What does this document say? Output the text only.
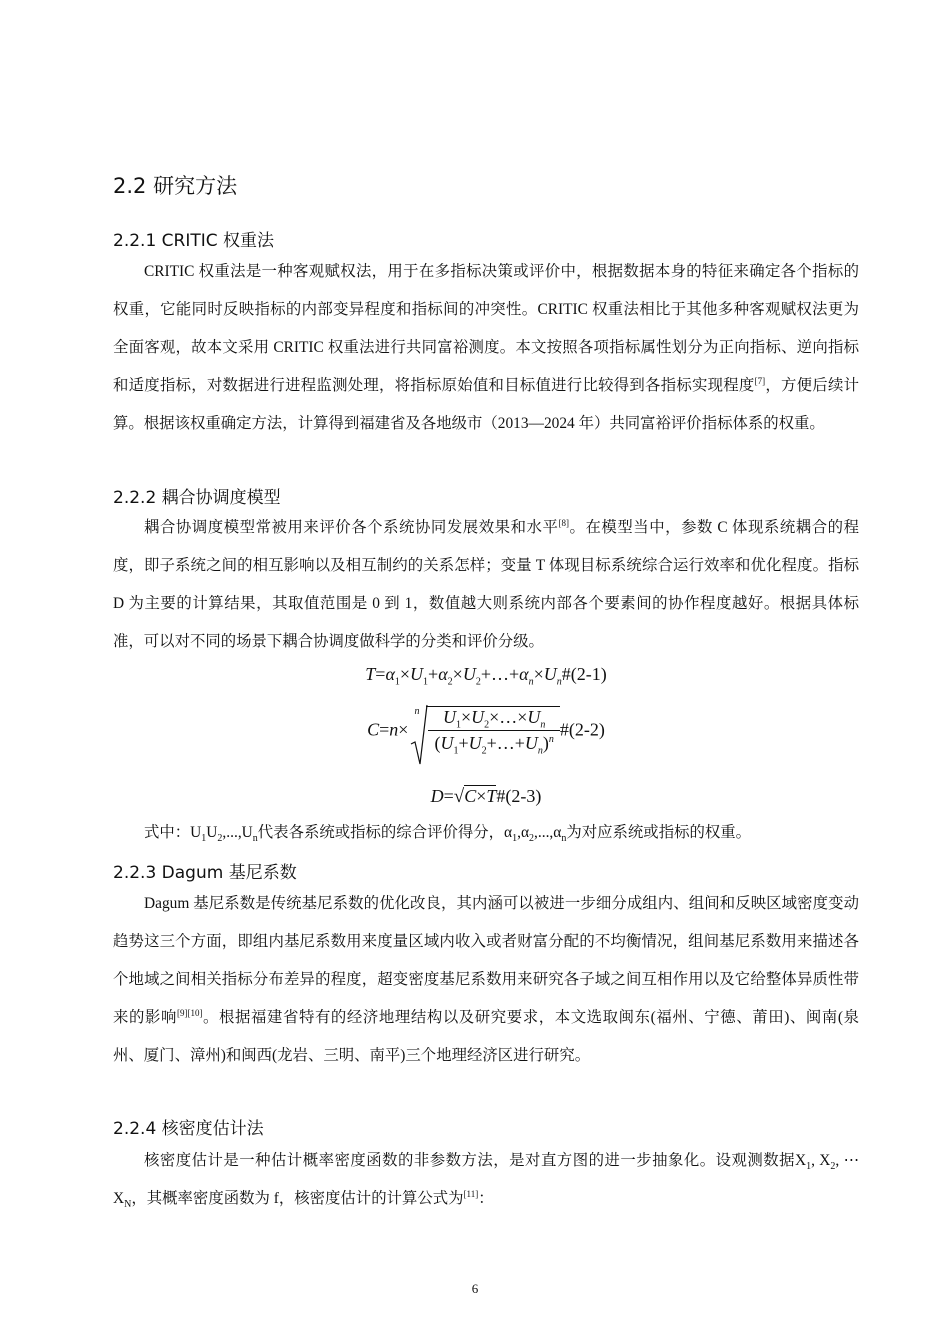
2.2 研究方法
2.2.1 CRITIC 权重法

CRITIC 权重法是一种客观赋权法，用于在多指标决策或评价中，根据数据本身的特征来确定各个指标的权重，它能同时反映指标的内部变异程度和指标间的冲突性。CRITIC 权重法相比于其他多种客观赋权法更为全面客观，故本文采用 CRITIC 权重法进行共同富裕测度。本文按照各项指标属性划分为正向指标、逆向指标和适度指标，对数据进行进程监测处理，将指标原始值和目标值进行比较得到各指标实现程度[7]，方便后续计算。根据该权重确定方法，计算得到福建省及各地级市（2013—2024 年）共同富裕评价指标体系的权重。

2.2.2 耦合协调度模型

耦合协调度模型常被用来评价各个系统协同发展效果和水平[8]。在模型当中，参数 C 体现系统耦合的程度，即子系统之间的相互影响以及相互制约的关系怎样；变量 T 体现目标系统综合运行效率和优化程度。指标 D 为主要的计算结果，其取值范围是 0 到 1，数值越大则系统内部各个要素间的协作程度越好。根据具体标准，可以对不同的场景下耦合协调度做科学的分类和评价分级。

$T=\alpha_1\times U_1+\alpha_2\times U_2+\dots+\alpha_n\times U_n\#(2-1)$
C=n×
n $\frac{U_1\times U_2\times\dots\times U_n}{(U_1+U_2+\dots+U_n)^n}$ #(2-2)
D=√C×T#(2-3)

式中：$U_1U_2,...,U_n$代表各系统或指标的综合评价得分，$\alpha_1,\alpha_2,...,\alpha_n$为对应系统或指标的权重。

2.2.3 Dagum 基尼系数

Dagum 基尼系数是传统基尼系数的优化改良，其内涵可以被进一步细分成组内、组间和反映区域密度变动趋势这三个方面，即组内基尼系数用来度量区域内收入或者财富分配的不均衡情况，组间基尼系数用来描述各个地域之间相关指标分布差异的程度，超变密度基尼系数用来研究各子域之间互相作用以及它给整体异质性带来的影响[9][10]。根据福建省特有的经济地理结构以及研究要求，本文选取闽东(福州、宁德、莆田)、闽南(泉州、厦门、漳州)和闽西(龙岩、三明、南平)三个地理经济区进行研究。

2.2.4 核密度估计法

核密度估计是一种估计概率密度函数的非参数方法，是对直方图的进一步抽象化。设观测数据$X_1$, $X_2$, $\cdots X_N$，其概率密度函数为 f，核密度估计的计算公式为[11]：

6
